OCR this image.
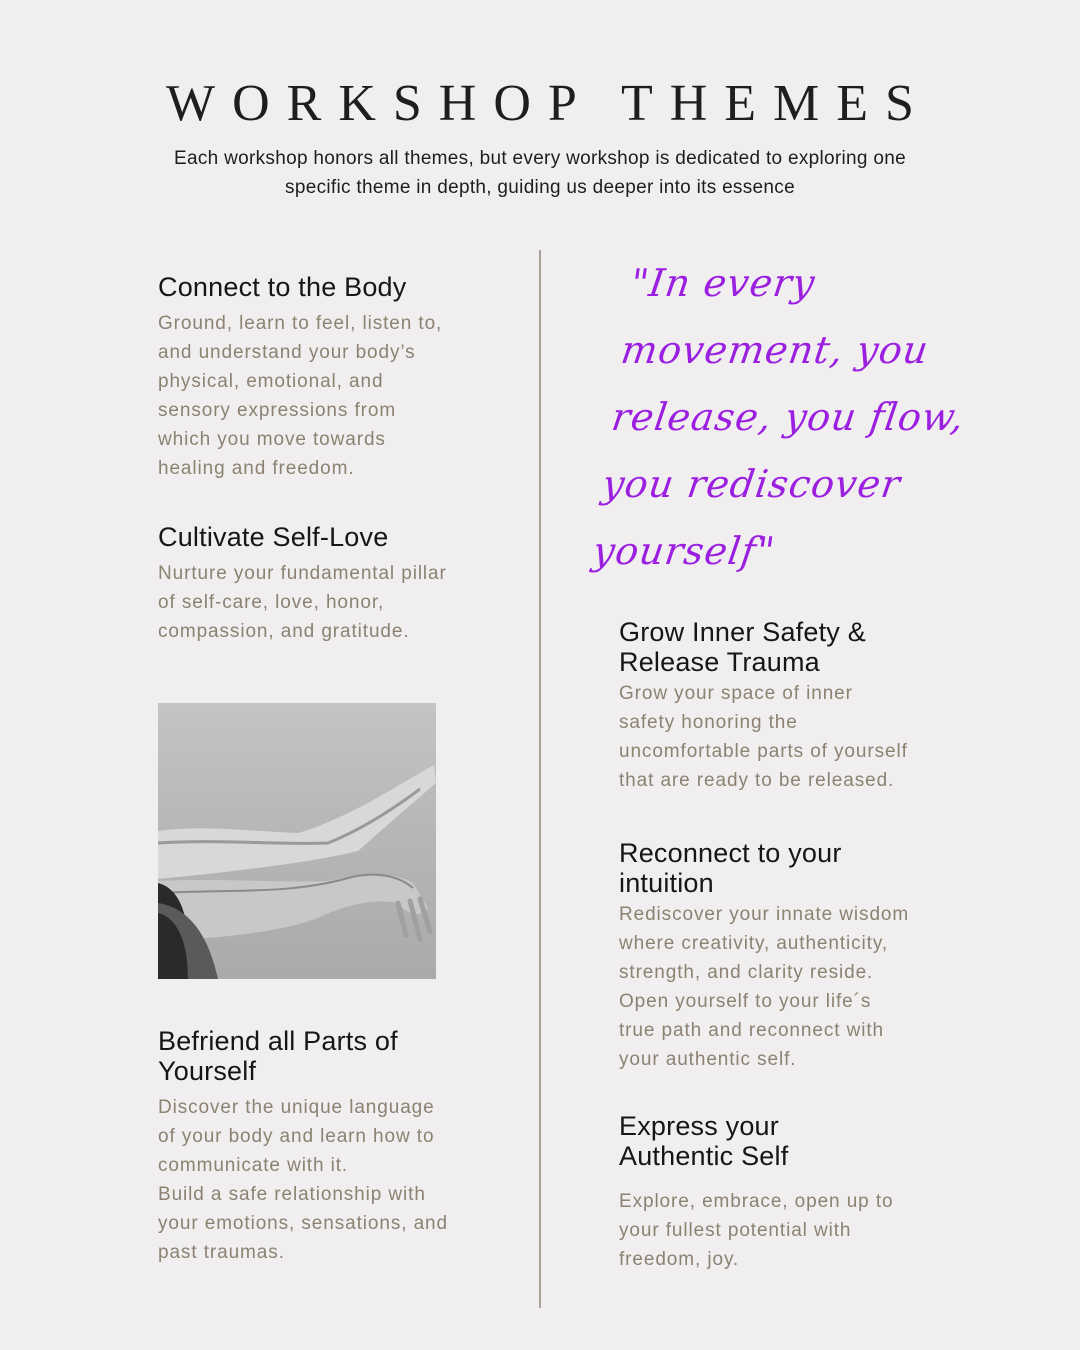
WORKSHOP THEMES

Each workshop honors all themes, but every workshop is dedicated to exploring one specific theme in depth, guiding us deeper into its essence

Connect to the Body

Ground, learn to feel, listen to,
and understand your body’s
physical, emotional, and
sensory expressions from
which you move towards
healing and freedom.

Cultivate Self-Love

Nurture your fundamental pillar
of self-care, love, honor,
compassion, and gratitude.

Befriend all Parts of
Yourself

Discover the unique language
of your body and learn how to
communicate with it.
Build a safe relationship with
your emotions, sensations, and
past traumas.

"In every movement, you release, you flow, you rediscover yourself"

Grow Inner Safety &
Release Trauma

Grow your space of inner
safety honoring the
uncomfortable parts of yourself
that are ready to be released.

Reconnect to your
intuition

Rediscover your innate wisdom
where creativity, authenticity,
strength, and clarity reside.
Open yourself to your life´s
true path and reconnect with
your authentic self.

Express your
Authentic Self

Explore, embrace, open up to
your fullest potential with
freedom, joy.
